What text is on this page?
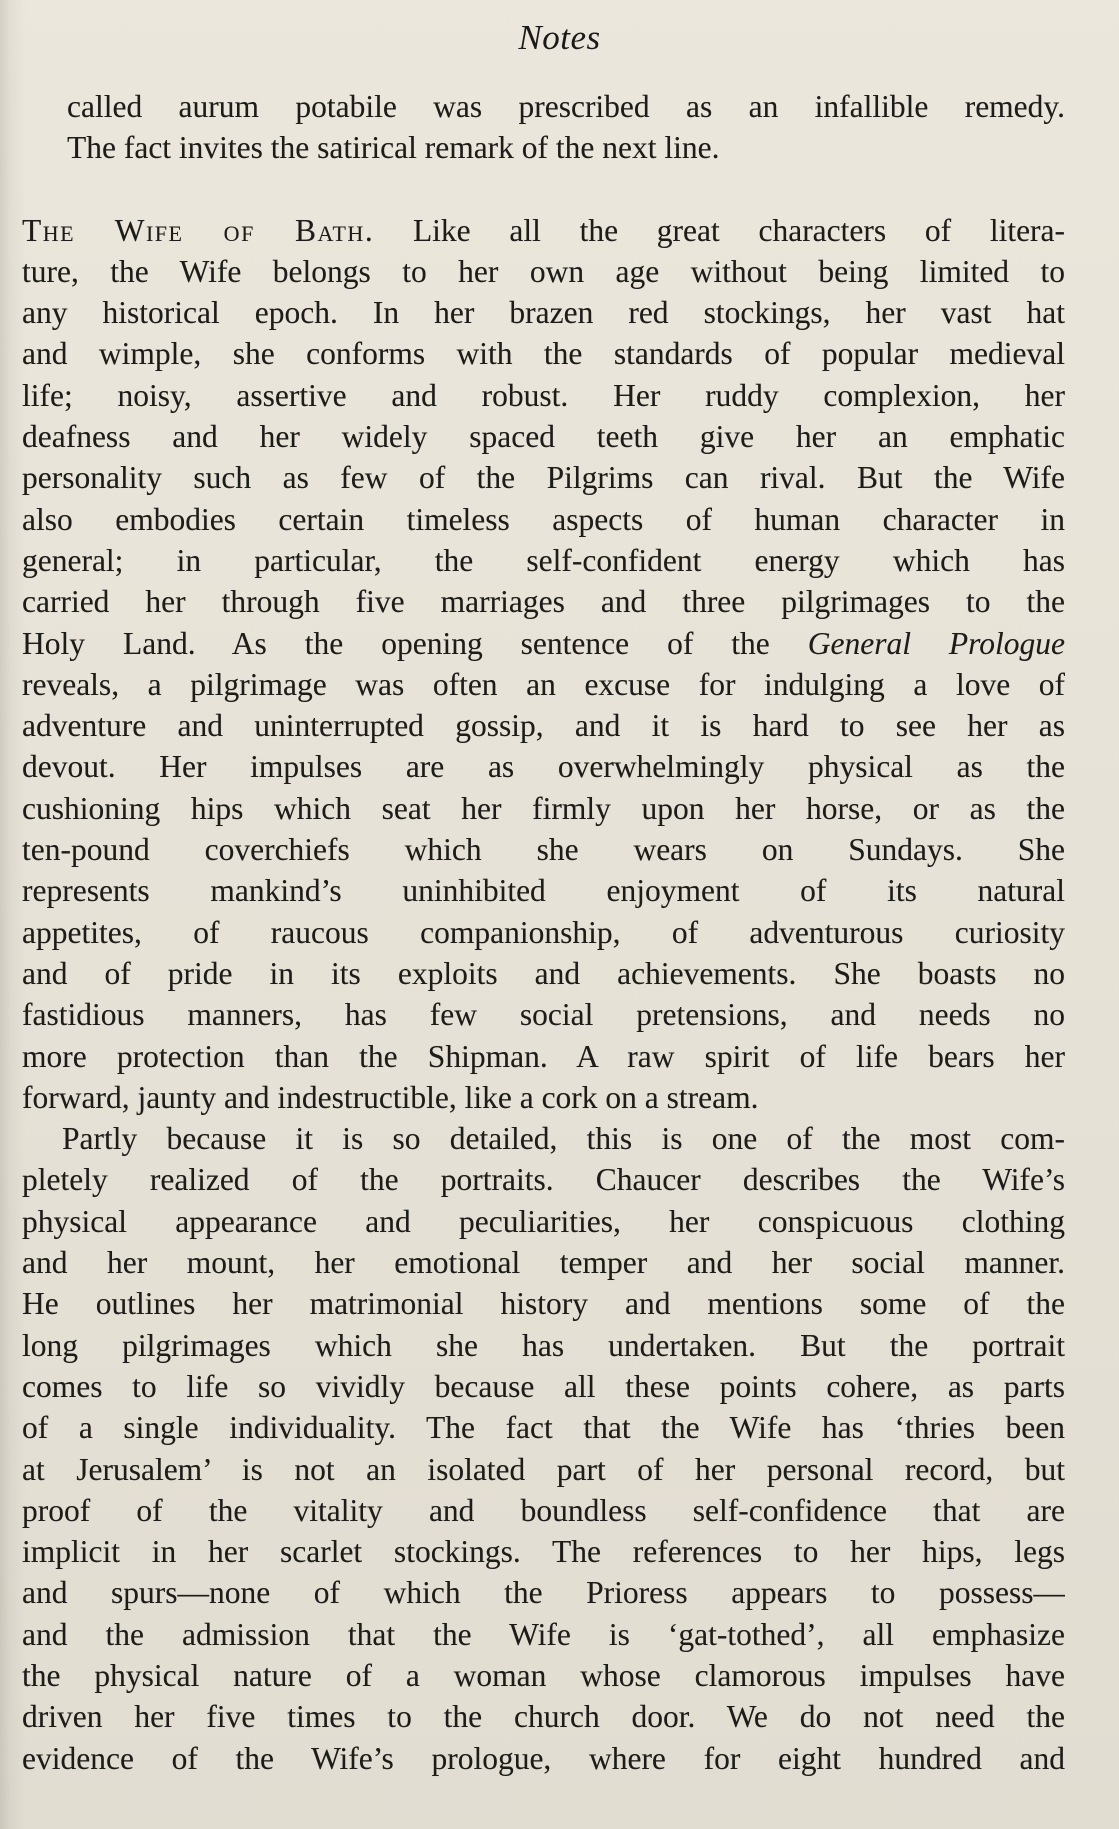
Notes
called aurum potabile was prescribed as an infallible remedy.
The fact invites the satirical remark of the next line.
The Wife of Bath. Like all the great characters of litera-
ture, the Wife belongs to her own age without being limited to
any historical epoch. In her brazen red stockings, her vast hat
and wimple, she conforms with the standards of popular medieval
life; noisy, assertive and robust. Her ruddy complexion, her
deafness and her widely spaced teeth give her an emphatic
personality such as few of the Pilgrims can rival. But the Wife
also embodies certain timeless aspects of human character in
general; in particular, the self-confident energy which has
carried her through five marriages and three pilgrimages to the
Holy Land. As the opening sentence of the General Prologue
reveals, a pilgrimage was often an excuse for indulging a love of
adventure and uninterrupted gossip, and it is hard to see her as
devout. Her impulses are as overwhelmingly physical as the
cushioning hips which seat her firmly upon her horse, or as the
ten-pound coverchiefs which she wears on Sundays. She
represents mankind’s uninhibited enjoyment of its natural
appetites, of raucous companionship, of adventurous curiosity
and of pride in its exploits and achievements. She boasts no
fastidious manners, has few social pretensions, and needs no
more protection than the Shipman. A raw spirit of life bears her
forward, jaunty and indestructible, like a cork on a stream.
Partly because it is so detailed, this is one of the most com-
pletely realized of the portraits. Chaucer describes the Wife’s
physical appearance and peculiarities, her conspicuous clothing
and her mount, her emotional temper and her social manner.
He outlines her matrimonial history and mentions some of the
long pilgrimages which she has undertaken. But the portrait
comes to life so vividly because all these points cohere, as parts
of a single individuality. The fact that the Wife has ‘thries been
at Jerusalem’ is not an isolated part of her personal record, but
proof of the vitality and boundless self-confidence that are
implicit in her scarlet stockings. The references to her hips, legs
and spurs—none of which the Prioress appears to possess—
and the admission that the Wife is ‘gat-tothed’, all emphasize
the physical nature of a woman whose clamorous impulses have
driven her five times to the church door. We do not need the
evidence of the Wife’s prologue, where for eight hundred and
